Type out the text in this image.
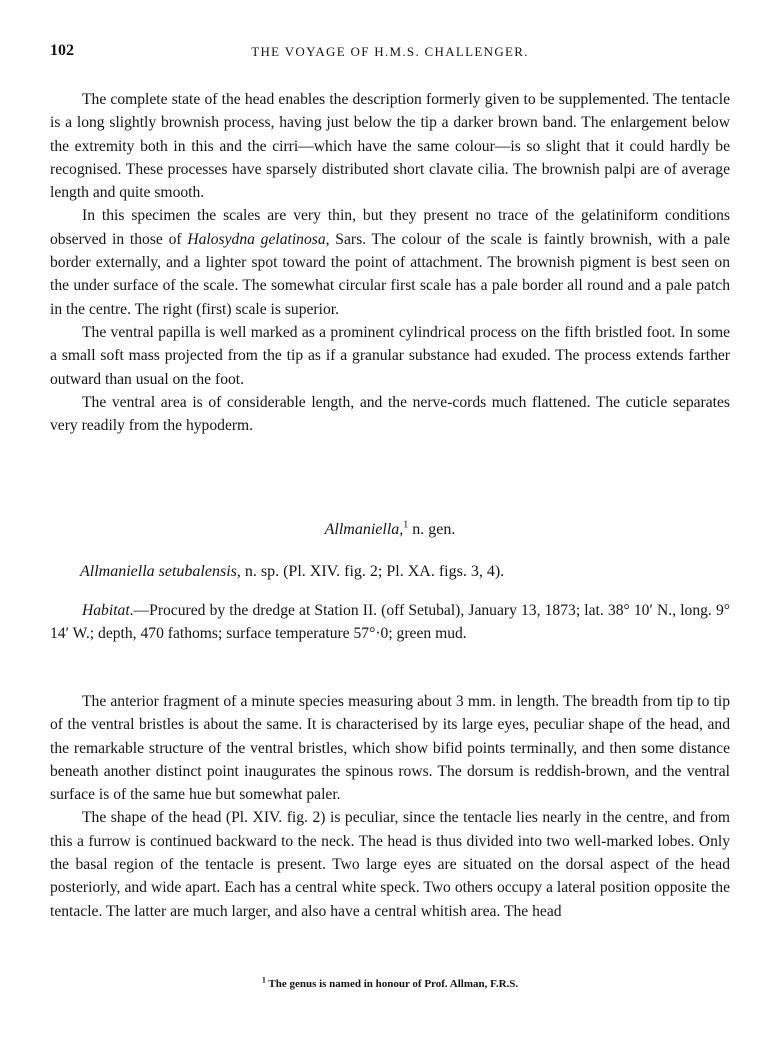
102	THE VOYAGE OF H.M.S. CHALLENGER.

The complete state of the head enables the description formerly given to be supplemented. The tentacle is a long slightly brownish process, having just below the tip a darker brown band. The enlargement below the extremity both in this and the cirri—which have the same colour—is so slight that it could hardly be recognised. These processes have sparsely distributed short clavate cilia. The brownish palpi are of average length and quite smooth.

In this specimen the scales are very thin, but they present no trace of the gelatiniform conditions observed in those of Halosydna gelatinosa, Sars. The colour of the scale is faintly brownish, with a pale border externally, and a lighter spot toward the point of attachment. The brownish pigment is best seen on the under surface of the scale. The somewhat circular first scale has a pale border all round and a pale patch in the centre. The right (first) scale is superior.

The ventral papilla is well marked as a prominent cylindrical process on the fifth bristled foot. In some a small soft mass projected from the tip as if a granular substance had exuded. The process extends farther outward than usual on the foot.

The ventral area is of considerable length, and the nerve-cords much flattened. The cuticle separates very readily from the hypoderm.

Allmaniella,$^1$ n. gen.
Allmaniella setubalensis, n. sp. (Pl. XIV. fig. 2; Pl. XA. figs. 3, 4).

Habitat.—Procured by the dredge at Station II. (off Setubal), January 13, 1873; lat. 38° 10′ N., long. 9° 14′ W.; depth, 470 fathoms; surface temperature 57°·0; green mud.

The anterior fragment of a minute species measuring about 3 mm. in length. The breadth from tip to tip of the ventral bristles is about the same. It is characterised by its large eyes, peculiar shape of the head, and the remarkable structure of the ventral bristles, which show bifid points terminally, and then some distance beneath another distinct point inaugurates the spinous rows. The dorsum is reddish-brown, and the ventral surface is of the same hue but somewhat paler.

The shape of the head (Pl. XIV. fig. 2) is peculiar, since the tentacle lies nearly in the centre, and from this a furrow is continued backward to the neck. The head is thus divided into two well-marked lobes. Only the basal region of the tentacle is present. Two large eyes are situated on the dorsal aspect of the head posteriorly, and wide apart. Each has a central white speck. Two others occupy a lateral position opposite the tentacle. The latter are much larger, and also have a central whitish area. The head

$^1$ The genus is named in honour of Prof. Allman, F.R.S.
